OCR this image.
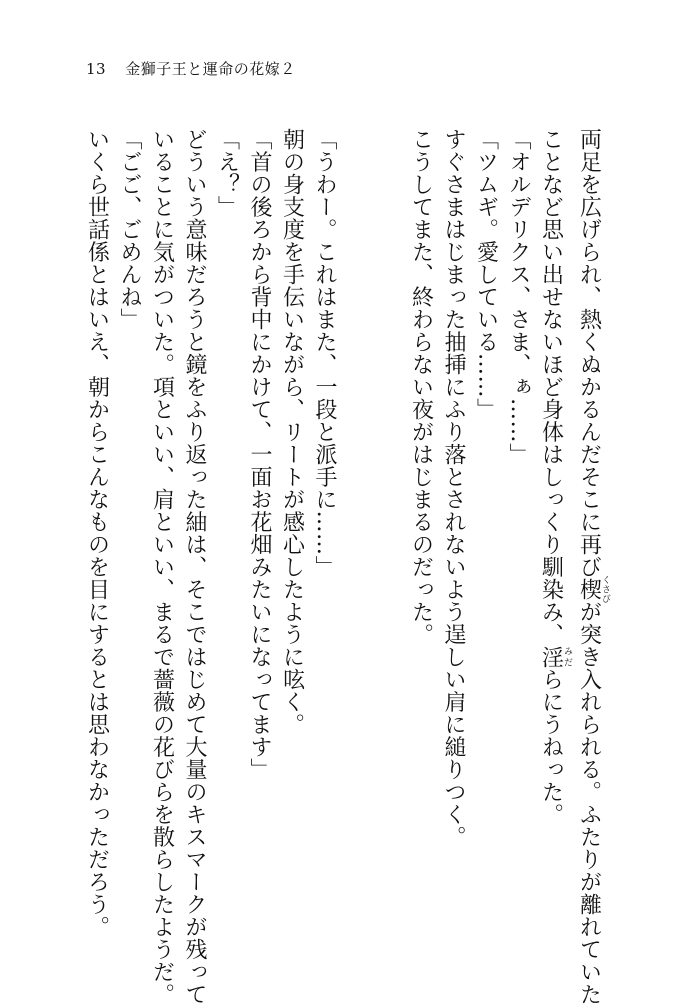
13 金獅子王と運命の花嫁２
両足を広げられ、熱くぬかるんだそこに再び楔くさびが突き入れられる。ふたりが離れていた
ことなど思い出せないほど身体はしっくり馴染み、淫みだらにうねった。
「オルデリクス、さま、ぁ……」
「ツムギ。愛している……」
すぐさまはじまった抽挿にふり落とされないよう逞しい肩に縋りつく。
こうしてまた、終わらない夜がはじまるのだった。
「うわー。これはまた、一段と派手に……」
朝の身支度を手伝いながら、リートが感心したように呟く。
「首の後ろから背中にかけて、一面お花畑みたいになってます」
「え？」
どういう意味だろうと鏡をふり返った紬は、そこではじめて大量のキスマークが残って
いることに気がついた。項といい、肩といい、まるで薔薇の花びらを散らしたようだ。
「ごご、ごめんね」
いくら世話係とはいえ、朝からこんなものを目にするとは思わなかっただろう。
